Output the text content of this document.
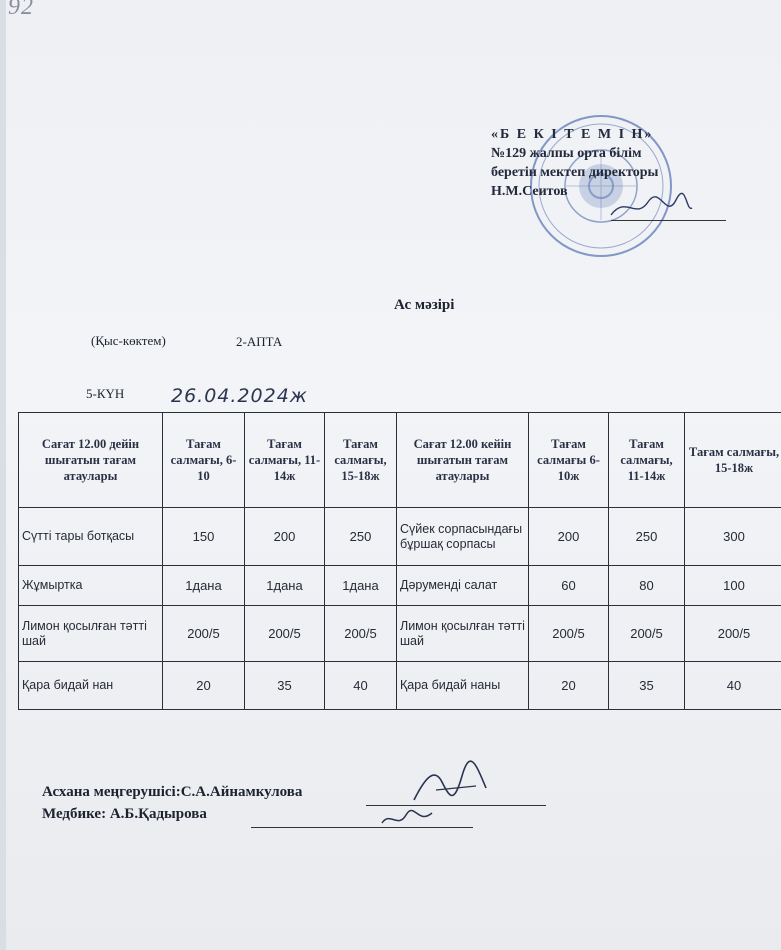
92
«Б Е К І Т Е М І Н»
№129 жалпы орта білім
беретін мектеп директоры
Н.М.Сеитов
Ас мәзірі
(Қыс-көктем)	2-АПТА
5-КҮН 26.04.2024ж
Сағат 12.00 дейін шығатын тағам атаулары	Тағам салмағы, 6-10	Тағам салмағы, 11-14ж	Тағам салмағы, 15-18ж	Сағат 12.00 кейін шығатын тағам атаулары	Тағам салмағы 6-10ж	Тағам салмағы, 11-14ж	Тағам салмағы, 15-18ж
Сүтті тары ботқасы	150	200	250	Сүйек сорпасындағы бұршақ сорпасы	200	250	300
Жұмыртка	1дана	1дана	1дана	Дәруменді салат	60	80	100
Лимон қосылған тәтті шай	200/5	200/5	200/5	Лимон қосылған тәтті шай	200/5	200/5	200/5
Қара бидай нан	20	35	40	Қара бидай наны	20	35	40
Асхана меңгерушісі:С.А.Айнамкулова
Медбике: А.Б.Қадырова
